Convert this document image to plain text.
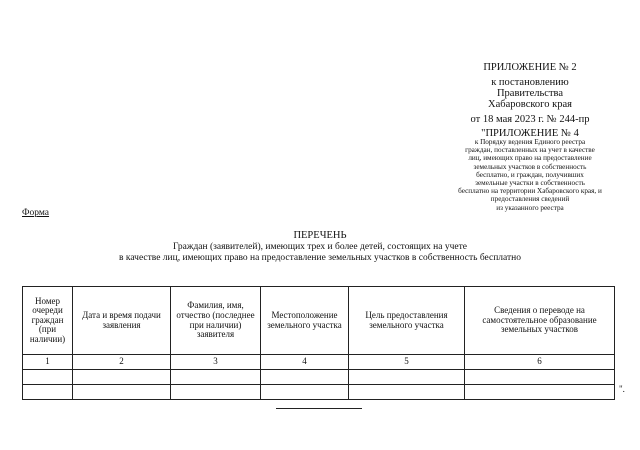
ПРИЛОЖЕНИЕ № 2
к постановлению
Правительства
Хабаровского края
от 18 мая 2023 г. № 244-пр
"ПРИЛОЖЕНИЕ № 4
к Порядку ведения Единого реестра
граждан, поставленных на учет в качестве
лиц, имеющих право на предоставление
земельных участков в собственность
бесплатно, и граждан, получивших
земельные участки в собственность
бесплатно на территории Хабаровского края, и
предоставления сведений
из указанного реестра
Форма
ПЕРЕЧЕНЬ
Граждан (заявителей), имеющих трех и более детей, состоящих на учете
в качестве лиц, имеющих право на предоставление земельных участков в собственность бесплатно
Номер очереди граждан (при наличии)	Дата и время подачи заявления	Фамилия, имя, отчество (последнее при наличии) заявителя	Местоположение земельного участка	Цель предоставления земельного участка	Сведения о переводе на самостоятельное образование земельных участков
1	2	3	4	5	6

".
